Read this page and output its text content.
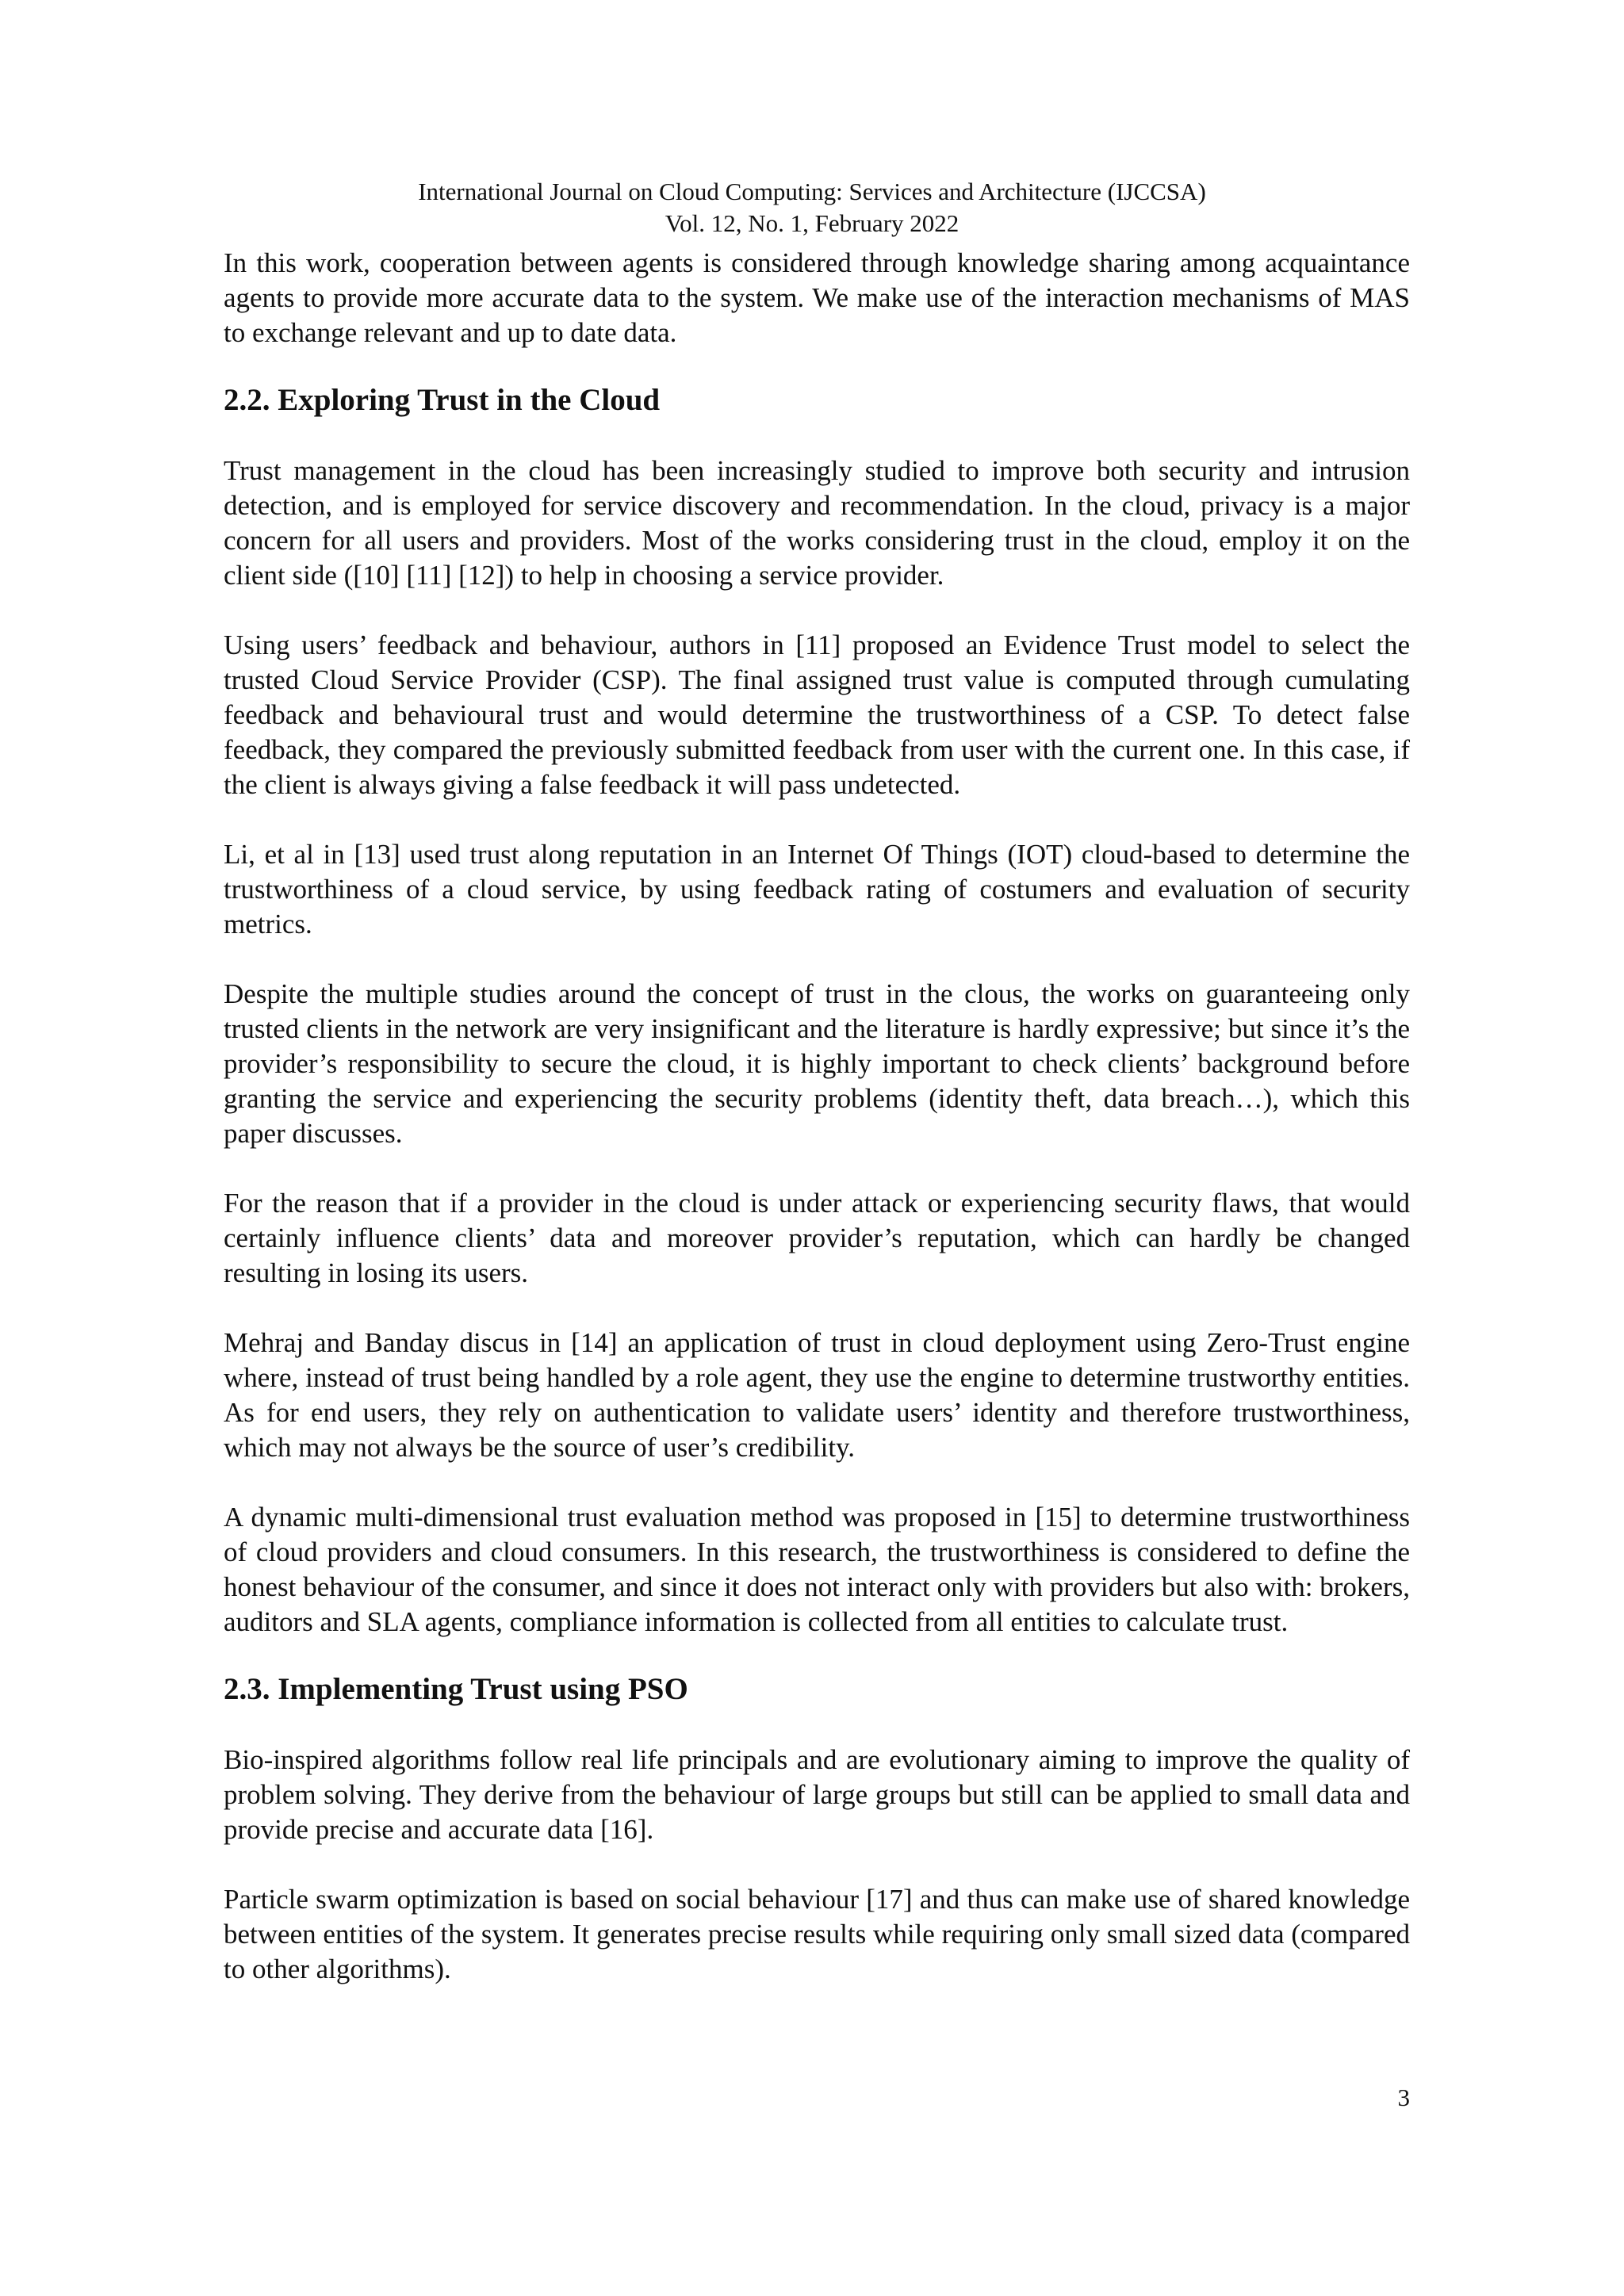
International Journal on Cloud Computing: Services and Architecture (IJCCSA)
Vol. 12, No. 1, February 2022

In this work, cooperation between agents is considered through knowledge sharing among acquaintance agents to provide more accurate data to the system. We make use of the interaction mechanisms of MAS to exchange relevant and up to date data.

2.2. Exploring Trust in the Cloud

Trust management in the cloud has been increasingly studied to improve both security and intrusion detection, and is employed for service discovery and recommendation. In the cloud, privacy is a major concern for all users and providers. Most of the works considering trust in the cloud, employ it on the client side ([10] [11] [12]) to help in choosing a service provider.

Using users’ feedback and behaviour, authors in [11] proposed an Evidence Trust model to select the trusted Cloud Service Provider (CSP). The final assigned trust value is computed through cumulating feedback and behavioural trust and would determine the trustworthiness of a CSP. To detect false feedback, they compared the previously submitted feedback from user with the current one. In this case, if the client is always giving a false feedback it will pass undetected.

Li, et al in [13] used trust along reputation in an Internet Of Things (IOT) cloud-based to determine the trustworthiness of a cloud service, by using feedback rating of costumers and evaluation of security metrics.

Despite the multiple studies around the concept of trust in the clous, the works on guaranteeing only trusted clients in the network are very insignificant and the literature is hardly expressive; but since it’s the provider’s responsibility to secure the cloud, it is highly important to check clients’ background before granting the service and experiencing the security problems (identity theft, data breach…), which this paper discusses.

For the reason that if a provider in the cloud is under attack or experiencing security flaws, that would certainly influence clients’ data and moreover provider’s reputation, which can hardly be changed resulting in losing its users.

Mehraj and Banday discus in [14] an application of trust in cloud deployment using Zero-Trust engine where, instead of trust being handled by a role agent, they use the engine to determine trustworthy entities. As for end users, they rely on authentication to validate users’ identity and therefore trustworthiness, which may not always be the source of user’s credibility.

A dynamic multi-dimensional trust evaluation method was proposed in [15] to determine trustworthiness of cloud providers and cloud consumers. In this research, the trustworthiness is considered to define the honest behaviour of the consumer, and since it does not interact only with providers but also with: brokers, auditors and SLA agents, compliance information is collected from all entities to calculate trust.

2.3. Implementing Trust using PSO

Bio-inspired algorithms follow real life principals and are evolutionary aiming to improve the quality of problem solving. They derive from the behaviour of large groups but still can be applied to small data and provide precise and accurate data [16].

Particle swarm optimization is based on social behaviour [17] and thus can make use of shared knowledge between entities of the system. It generates precise results while requiring only small sized data (compared to other algorithms).

3
